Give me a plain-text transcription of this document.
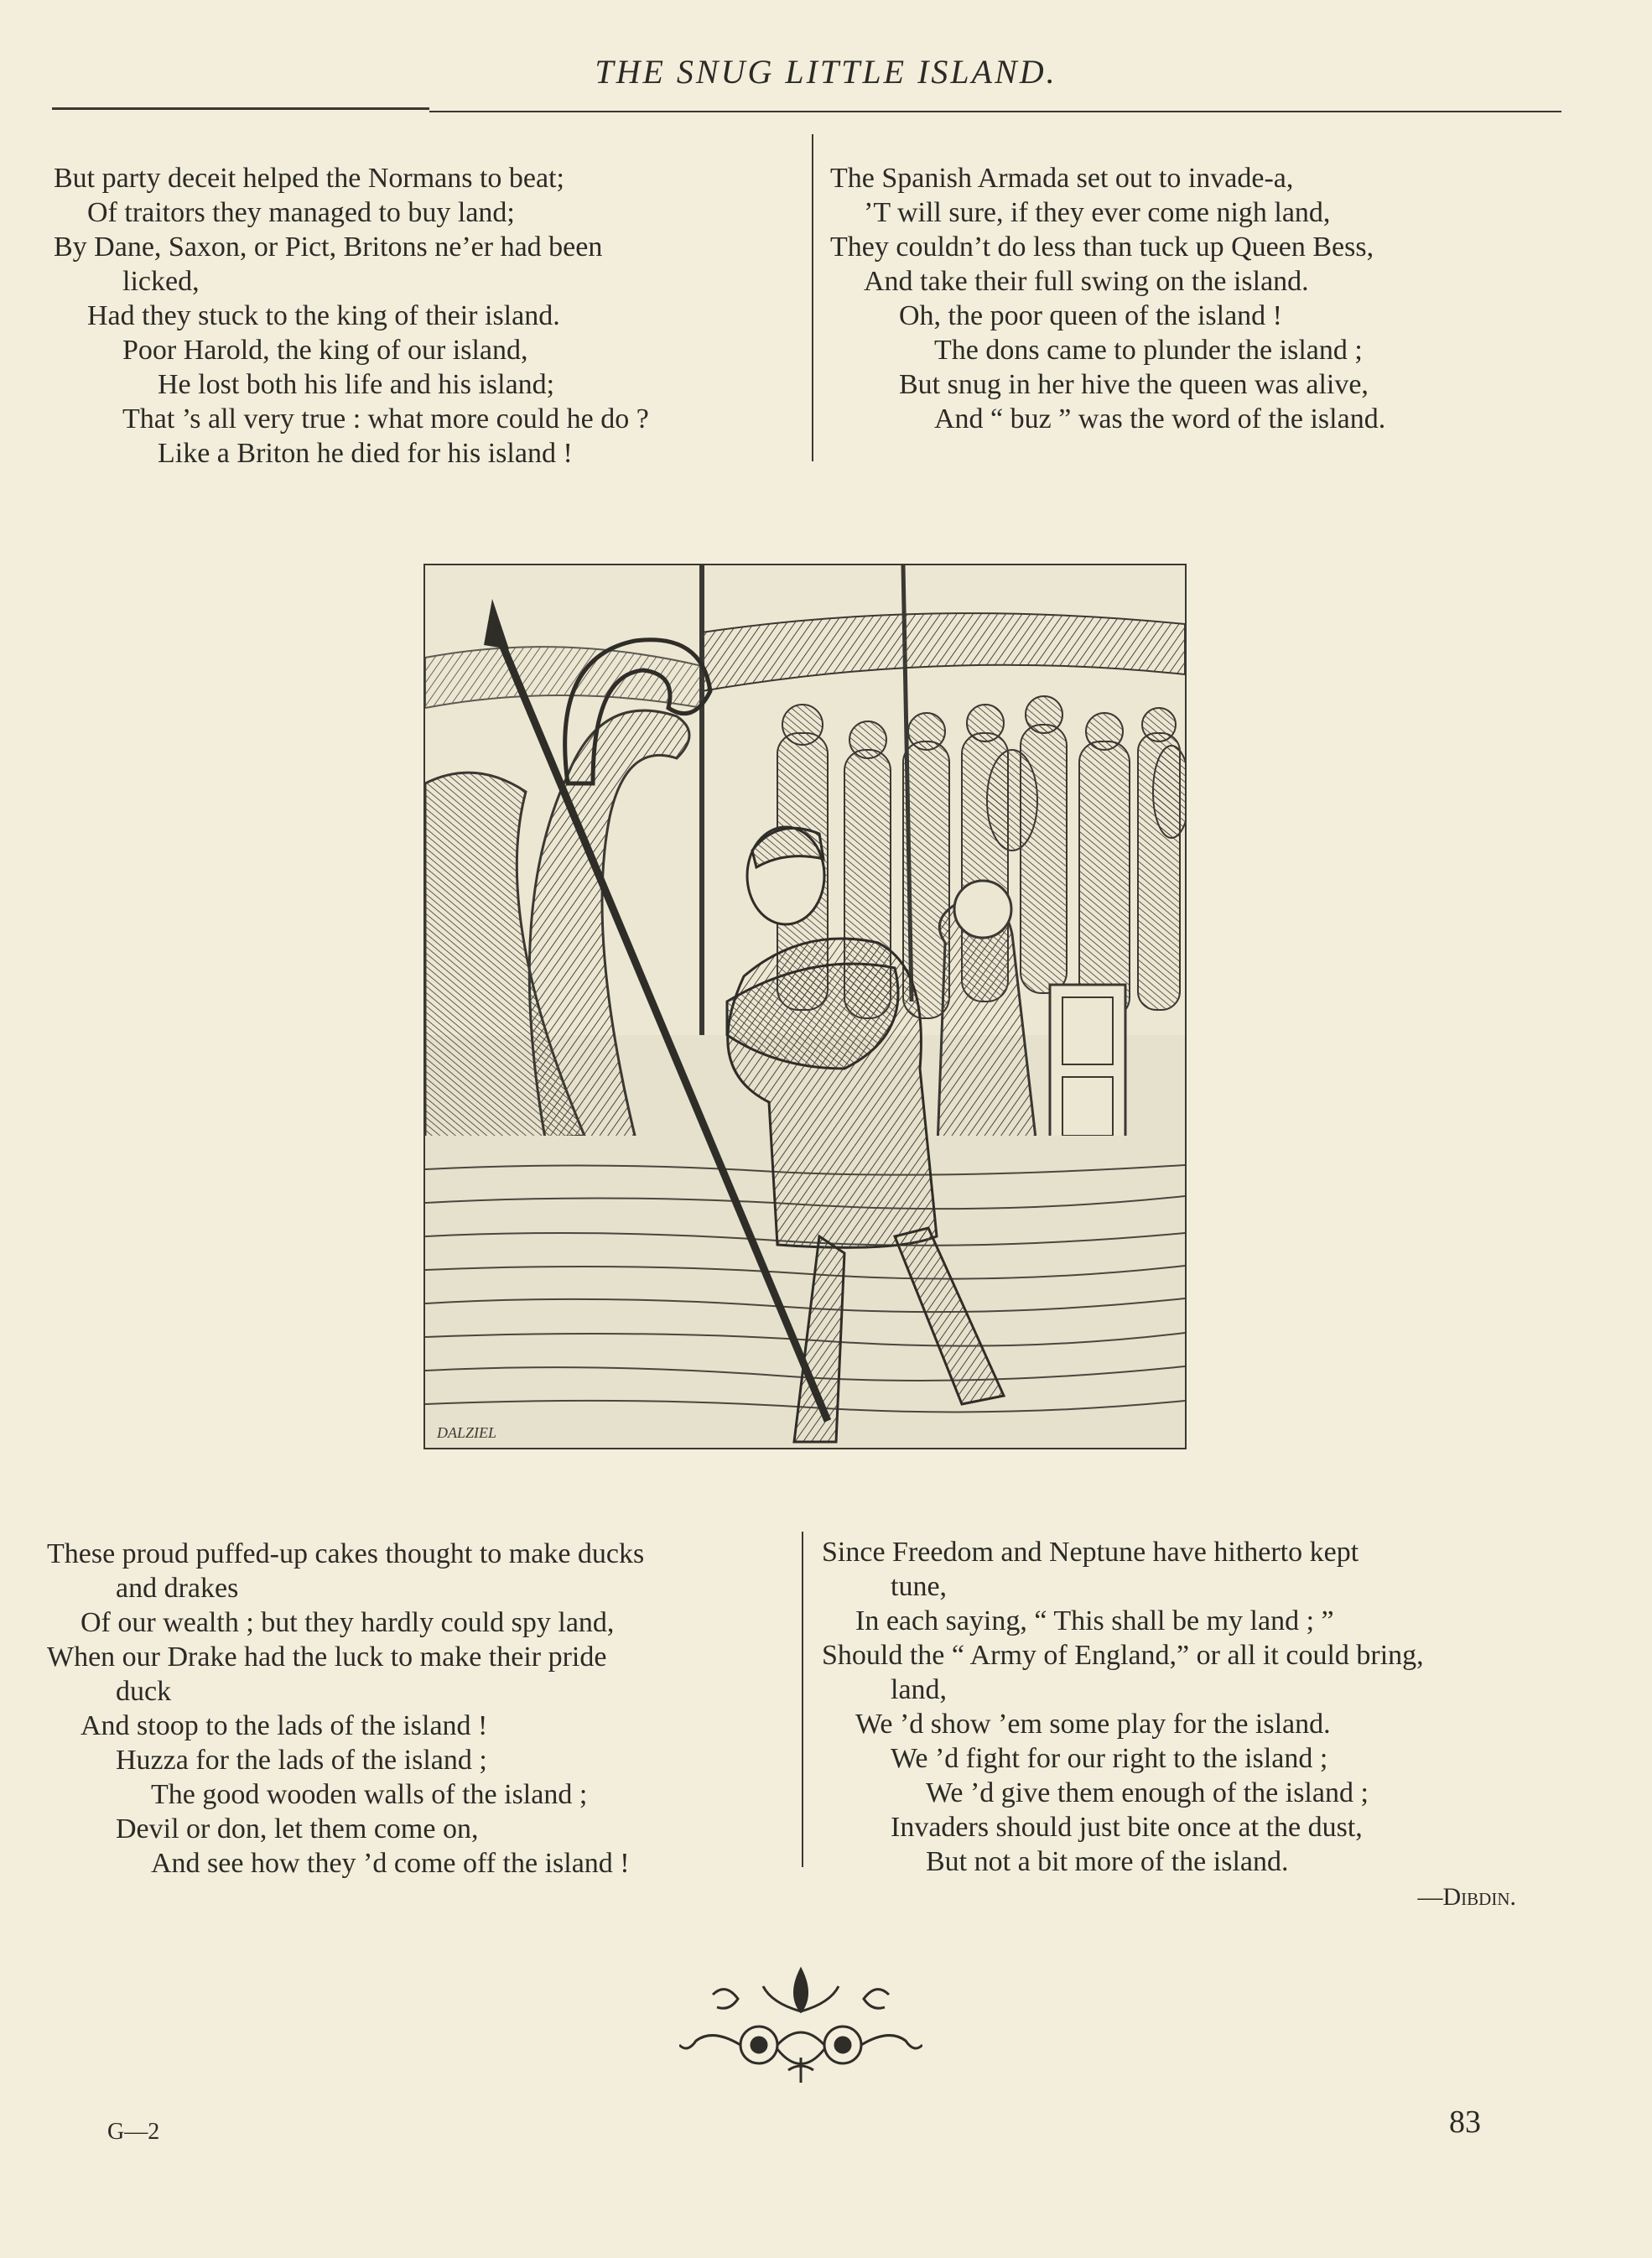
THE SNUG LITTLE ISLAND.
But party deceit helped the Normans to beat;
Of traitors they managed to buy land;
By Dane, Saxon, or Pict, Britons ne’er had been
licked,
Had they stuck to the king of their island.
Poor Harold, the king of our island,
He lost both his life and his island;
That ’s all very true : what more could he do ?
Like a Briton he died for his island !
The Spanish Armada set out to invade-a,
’T will sure, if they ever come nigh land,
They couldn’t do less than tuck up Queen Bess,
And take their full swing on the island.
Oh, the poor queen of the island !
The dons came to plunder the island ;
But snug in her hive the queen was alive,
And “ buz ” was the word of the island.
DALZIEL
These proud puffed-up cakes thought to make ducks
and drakes
Of our wealth ; but they hardly could spy land,
When our Drake had the luck to make their pride
duck
And stoop to the lads of the island !
Huzza for the lads of the island ;
The good wooden walls of the island ;
Devil or don, let them come on,
And see how they ’d come off the island !
Since Freedom and Neptune have hitherto kept
tune,
In each saying, “ This shall be my land ; ”
Should the “ Army of England,” or all it could bring,
land,
We ’d show ’em some play for the island.
We ’d fight for our right to the island ;
We ’d give them enough of the island ;
Invaders should just bite once at the dust,
But not a bit more of the island.
—Dibdin.
G—2	83
